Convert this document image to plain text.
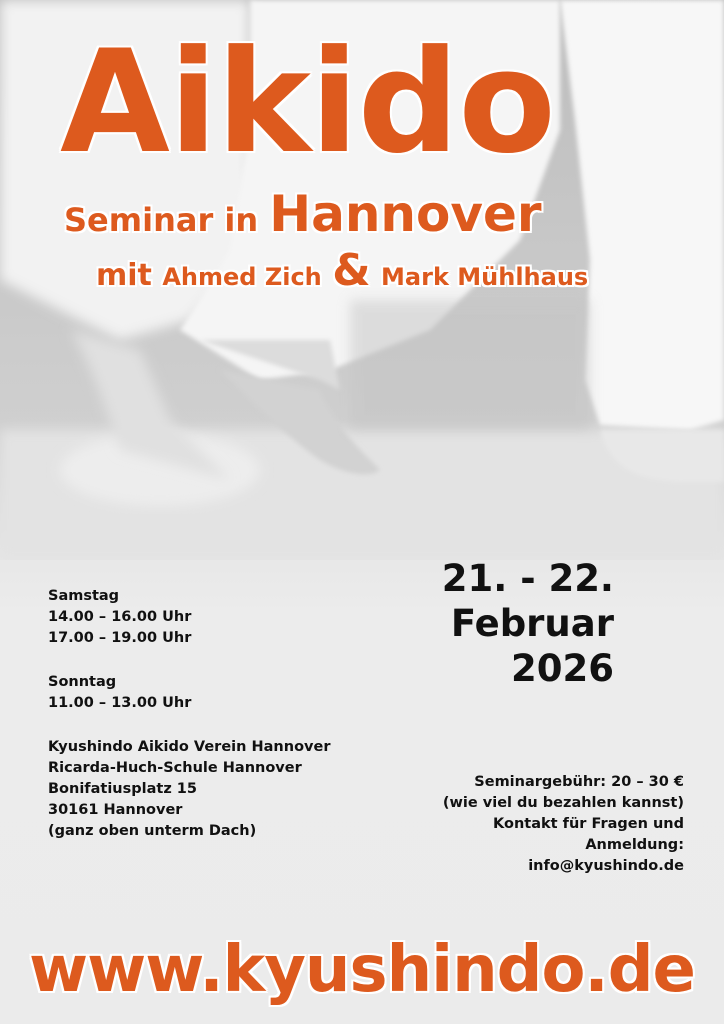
Aikido
Seminar in Hannover
mit Ahmed Zich & Mark Mühlhaus
21. - 22.
Februar
2026
Samstag
14.00 – 16.00 Uhr
17.00 – 19.00 Uhr
Sonntag
11.00 – 13.00 Uhr
Kyushindo Aikido Verein Hannover
Ricarda-Huch-Schule Hannover
Bonifatiusplatz 15
30161 Hannover
(ganz oben unterm Dach)
Seminargebühr: 20 – 30 €
(wie viel du bezahlen kannst)
Kontakt für Fragen und
Anmeldung:
info@kyushindo.de
www.kyushindo.de
